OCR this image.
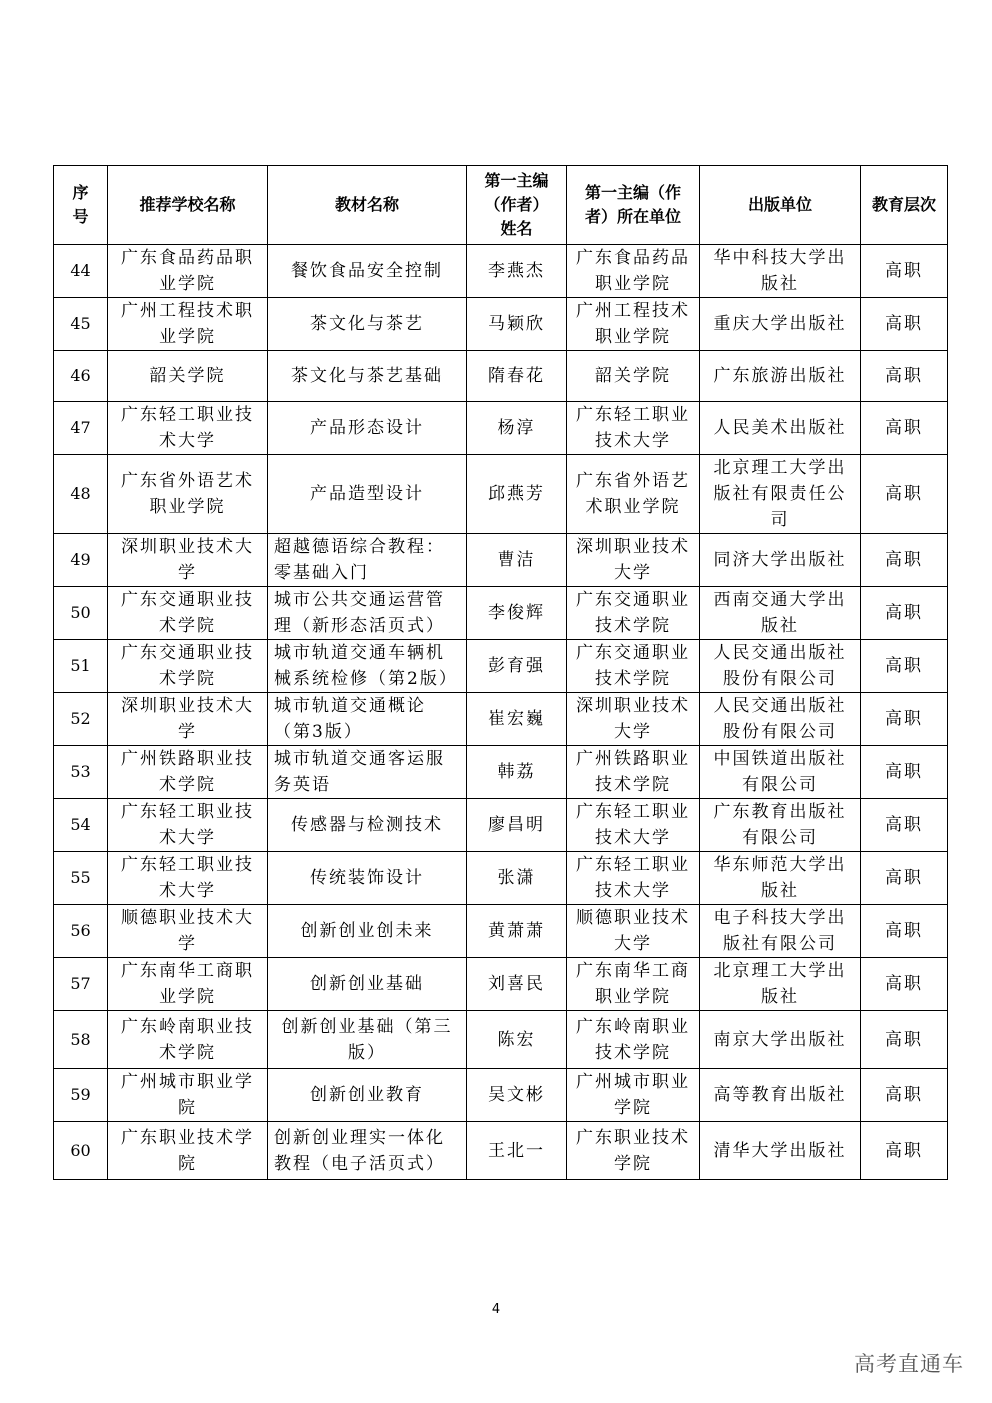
序号	推荐学校名称	教材名称	第一主编（作者）姓名	第一主编（作者）所在单位	出版单位	教育层次
44	广东食品药品职业学院	餐饮食品安全控制	李燕杰	广东食品药品职业学院	华中科技大学出版社	高职
45	广州工程技术职业学院	茶文化与茶艺	马颖欣	广州工程技术职业学院	重庆大学出版社	高职
46	韶关学院	茶文化与茶艺基础	隋春花	韶关学院	广东旅游出版社	高职
47	广东轻工职业技术大学	产品形态设计	杨淳	广东轻工职业技术大学	人民美术出版社	高职
48	广东省外语艺术职业学院	产品造型设计	邱燕芳	广东省外语艺术职业学院	北京理工大学出版社有限责任公司	高职
49	深圳职业技术大学	超越德语综合教程：零基础入门	曹洁	深圳职业技术大学	同济大学出版社	高职
50	广东交通职业技术学院	城市公共交通运营管理（新形态活页式）	李俊辉	广东交通职业技术学院	西南交通大学出版社	高职
51	广东交通职业技术学院	城市轨道交通车辆机械系统检修（第2版）	彭育强	广东交通职业技术学院	人民交通出版社股份有限公司	高职
52	深圳职业技术大学	城市轨道交通概论（第3版）	崔宏巍	深圳职业技术大学	人民交通出版社股份有限公司	高职
53	广州铁路职业技术学院	城市轨道交通客运服务英语	韩荔	广州铁路职业技术学院	中国铁道出版社有限公司	高职
54	广东轻工职业技术大学	传感器与检测技术	廖昌明	广东轻工职业技术大学	广东教育出版社有限公司	高职
55	广东轻工职业技术大学	传统装饰设计	张潇	广东轻工职业技术大学	华东师范大学出版社	高职
56	顺德职业技术大学	创新创业创未来	黄萧萧	顺德职业技术大学	电子科技大学出版社有限公司	高职
57	广东南华工商职业学院	创新创业基础	刘喜民	广东南华工商职业学院	北京理工大学出版社	高职
58	广东岭南职业技术学院	创新创业基础（第三版）	陈宏	广东岭南职业技术学院	南京大学出版社	高职
59	广州城市职业学院	创新创业教育	吴文彬	广州城市职业学院	高等教育出版社	高职
60	广东职业技术学院	创新创业理实一体化教程（电子活页式）	王北一	广东职业技术学院	清华大学出版社	高职
4
高考直通车
